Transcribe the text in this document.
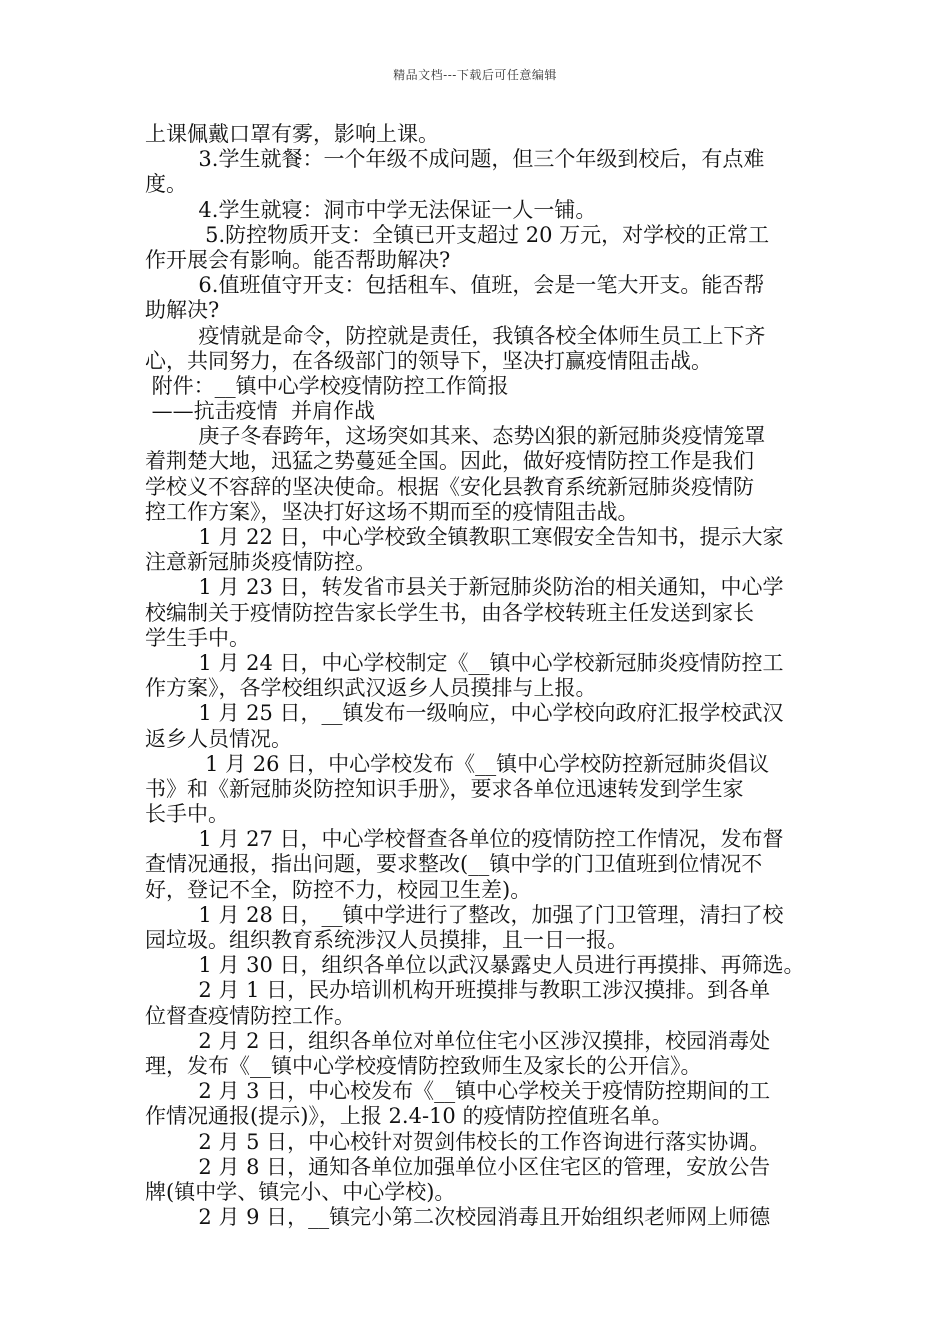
精品文档---下载后可任意编辑
上课佩戴口罩有雾，影响上课。
3.学生就餐：一个年级不成问题，但三个年级到校后，有点难
度。
4.学生就寝：洞市中学无法保证一人一铺。
5.防控物质开支：全镇已开支超过 20 万元，对学校的正常工
作开展会有影响。能否帮助解决?
6.值班值守开支：包括租车、值班，会是一笔大开支。能否帮
助解决?
疫情就是命令，防控就是责任，我镇各校全体师生员工上下齐
心，共同努力，在各级部门的领导下，坚决打赢疫情阻击战。
附件：__镇中心学校疫情防控工作简报
——抗击疫情  并肩作战
庚子冬春跨年，这场突如其来、态势凶狠的新冠肺炎疫情笼罩
着荆楚大地，迅猛之势蔓延全国。因此，做好疫情防控工作是我们
学校义不容辞的坚决使命。根据《安化县教育系统新冠肺炎疫情防
控工作方案》，坚决打好这场不期而至的疫情阻击战。
1 月 22 日，中心学校致全镇教职工寒假安全告知书，提示大家
注意新冠肺炎疫情防控。
1 月 23 日，转发省市县关于新冠肺炎防治的相关通知，中心学
校编制关于疫情防控告家长学生书，由各学校转班主任发送到家长
学生手中。
1 月 24 日，中心学校制定《__镇中心学校新冠肺炎疫情防控工
作方案》，各学校组织武汉返乡人员摸排与上报。
1 月 25 日，__镇发布一级响应，中心学校向政府汇报学校武汉
返乡人员情况。
1 月 26 日，中心学校发布《__镇中心学校防控新冠肺炎倡议
书》和《新冠肺炎防控知识手册》，要求各单位迅速转发到学生家
长手中。
1 月 27 日，中心学校督查各单位的疫情防控工作情况，发布督
查情况通报，指出问题，要求整改(__镇中学的门卫值班到位情况不
好，登记不全，防控不力，校园卫生差)。
1 月 28 日，__镇中学进行了整改，加强了门卫管理，清扫了校
园垃圾。组织教育系统涉汉人员摸排，且一日一报。
1 月 30 日，组织各单位以武汉暴露史人员进行再摸排、再筛选。
2 月 1 日，民办培训机构开班摸排与教职工涉汉摸排。到各单
位督查疫情防控工作。
2 月 2 日，组织各单位对单位住宅小区涉汉摸排，校园消毒处
理，发布《__镇中心学校疫情防控致师生及家长的公开信》。
2 月 3 日，中心校发布《__镇中心学校关于疫情防控期间的工
作情况通报(提示)》，上报 2.4-10 的疫情防控值班名单。
2 月 5 日，中心校针对贺剑伟校长的工作咨询进行落实协调。
2 月 8 日，通知各单位加强单位小区住宅区的管理，安放公告
牌(镇中学、镇完小、中心学校)。
2 月 9 日，__镇完小第二次校园消毒且开始组织老师网上师德
